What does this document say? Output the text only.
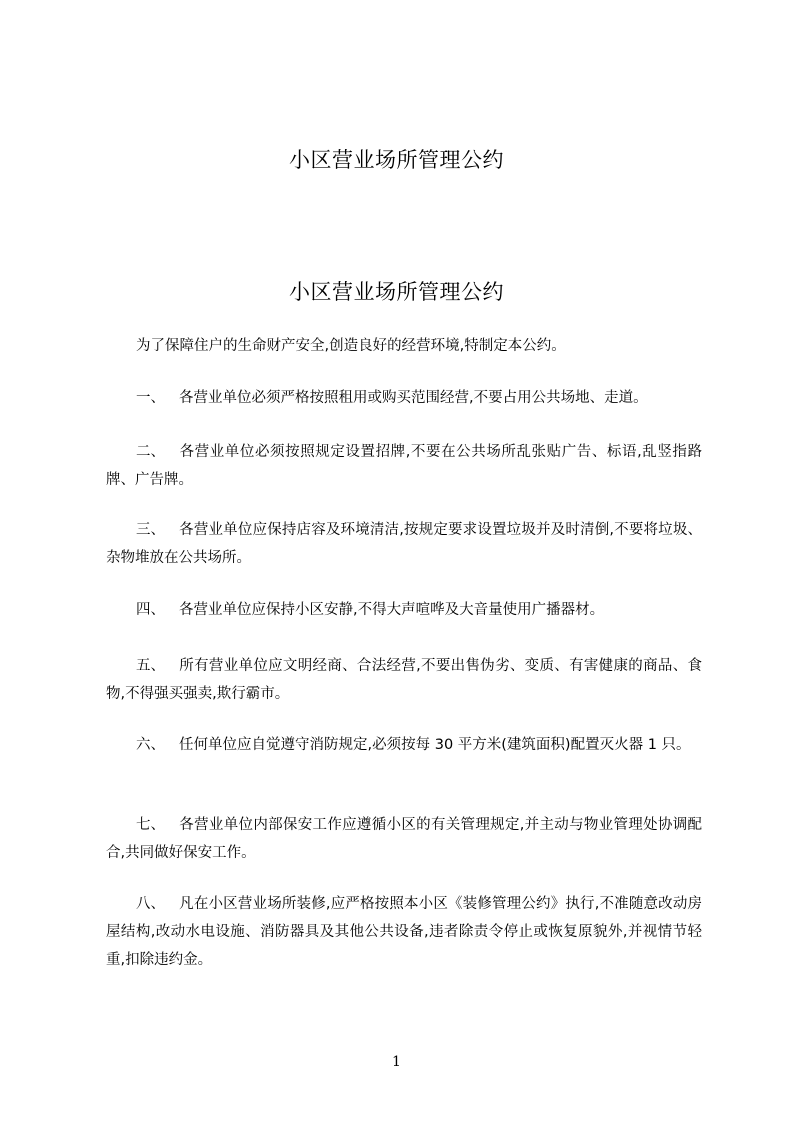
小区营业场所管理公约
小区营业场所管理公约

为了保障住户的生命财产安全,创造良好的经营环境,特制定本公约。

一、 各营业单位必须严格按照租用或购买范围经营,不要占用公共场地、走道。

二、 各营业单位必须按照规定设置招牌,不要在公共场所乱张贴广告、标语,乱竖指路牌、广告牌。

三、 各营业单位应保持店容及环境清洁,按规定要求设置垃圾并及时清倒,不要将垃圾、杂物堆放在公共场所。

四、 各营业单位应保持小区安静,不得大声喧哗及大音量使用广播器材。

五、 所有营业单位应文明经商、合法经营,不要出售伪劣、变质、有害健康的商品、食物,不得强买强卖,欺行霸市。

六、 任何单位应自觉遵守消防规定,必须按每 30 平方米(建筑面积)配置灭火器 1 只。

七、 各营业单位内部保安工作应遵循小区的有关管理规定,并主动与物业管理处协调配合,共同做好保安工作。

八、 凡在小区营业场所装修,应严格按照本小区《装修管理公约》执行,不准随意改动房屋结构,改动水电设施、消防器具及其他公共设备,违者除责令停止或恢复原貌外,并视情节轻重,扣除违约金。

1
